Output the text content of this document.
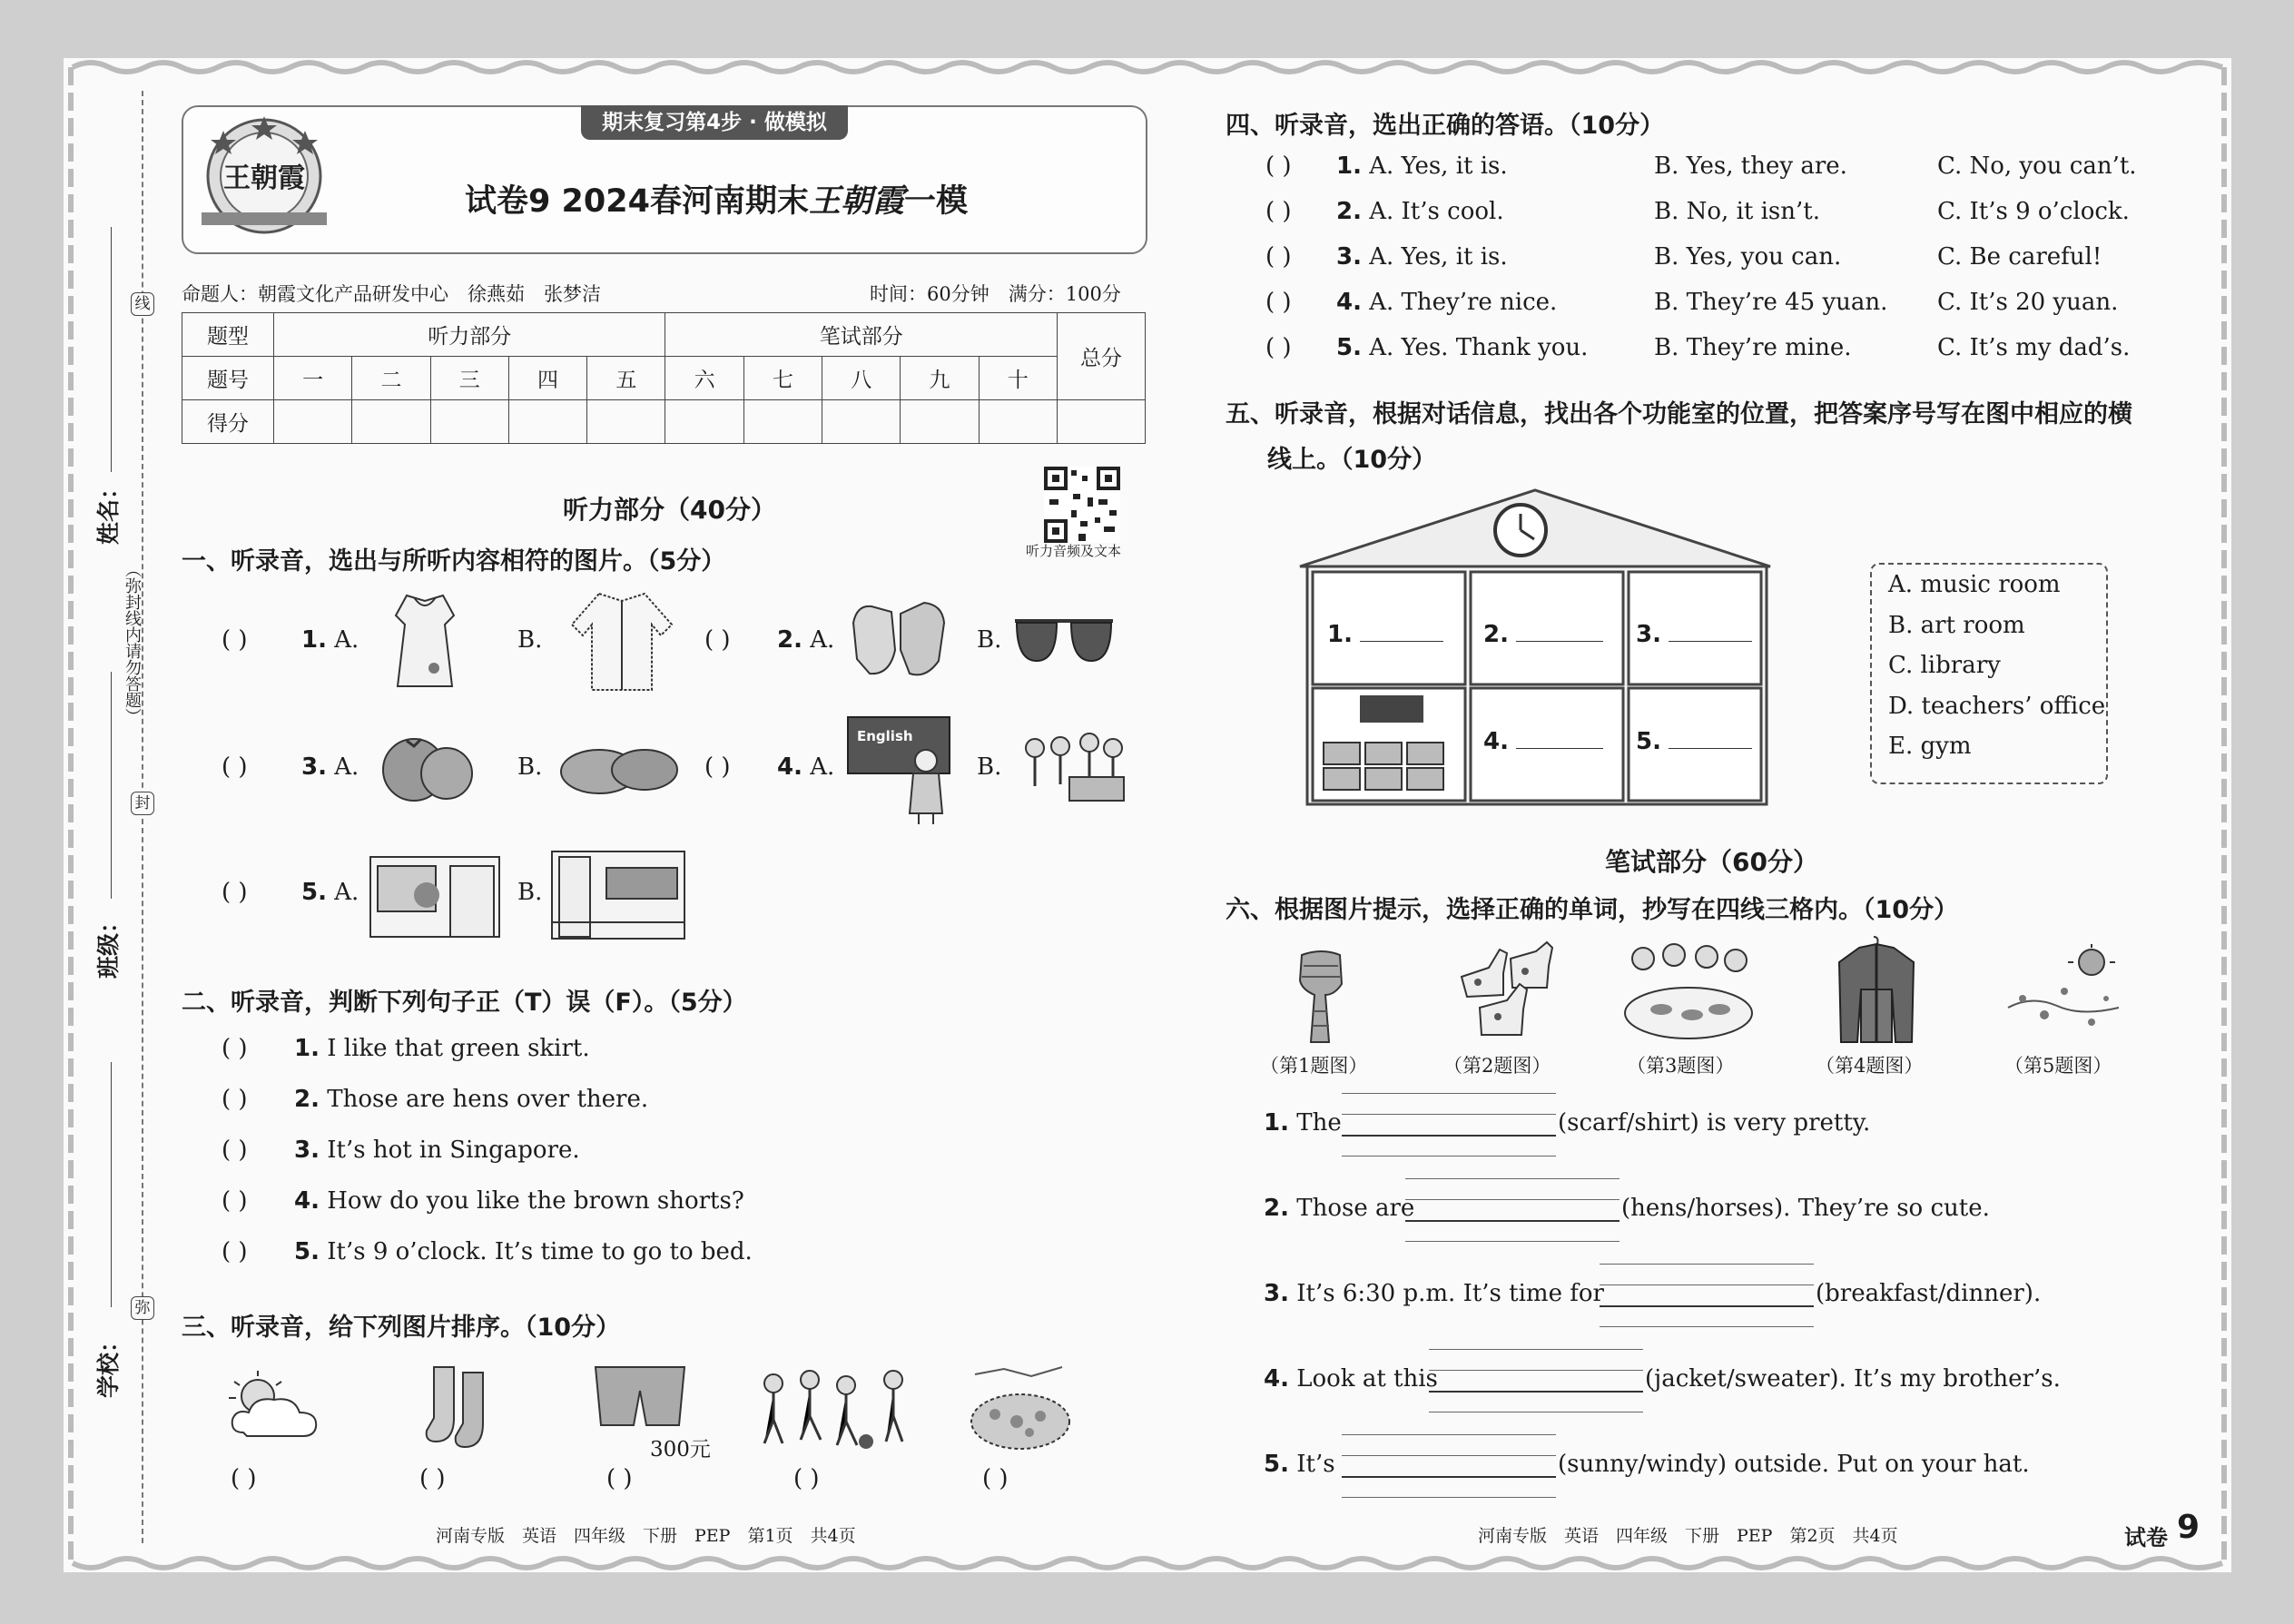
线
封
弥
（弥封线内请勿答题）
姓名：
班级：
学校：
期末复习第4步 · 做模拟
王朝霞
试卷9 2024春河南期末王朝霞一模
命题人：朝霞文化产品研发中心　徐燕茹　张梦洁	时间：60分钟　满分：100分
题型	听力部分					笔试部分					总分
题号	一	二	三	四	五	六	七	八	九	十	
得分											
听力部分（40分）
听力音频及文本
一、听录音，选出与所听内容相符的图片。（5分）
( ) 1. A.	B.	( ) 2. A.	B.
( ) 3. A.	B.	( ) 4. A.
English
B.
( ) 5. A.	B.
二、听录音，判断下列句子正（T）误（F）。（5分）
( ) 1. I like that green skirt.
( ) 2. Those are hens over there.
( ) 3. It’s hot in Singapore.
( ) 4. How do you like the brown shorts?
( ) 5. It’s 9 o’clock. It’s time to go to bed.
三、听录音，给下列图片排序。（10分）
300元
( )	( )	( )	( )	( )
河南专版　英语　四年级　下册　PEP　第1页　共4页
四、听录音，选出正确的答语。（10分）
( ) 1. A. Yes, it is.	B. Yes, they are.	C. No, you can’t.
( ) 2. A. It’s cool.	B. No, it isn’t.	C. It’s 9 o’clock.
( ) 3. A. Yes, it is.	B. Yes, you can.	C. Be careful!
( ) 4. A. They’re nice.	B. They’re 45 yuan. C. It’s 20 yuan.
( ) 5. A. Yes. Thank you.	B. They’re mine.	C. It’s my dad’s.
五、听录音，根据对话信息，找出各个功能室的位置，把答案序号写在图中相应的横
线上。（10分）
1.	2.	3.
4.	5.
A. music room
B. art room
C. library
D. teachers’ office
E. gym
笔试部分（60分）
六、根据图片提示，选择正确的单词，抄写在四线三格内。（10分）
（第1题图）	（第2题图）	（第3题图）	（第4题图）	（第5题图）
1. The	(scarf/shirt) is very pretty.
2. Those are	(hens/horses). They’re so cute.
3. It’s 6:30 p.m. It’s time for	(breakfast/dinner).
4. Look at this	(jacket/sweater). It’s my brother’s.
5. It’s	(sunny/windy) outside. Put on your hat.
河南专版　英语　四年级　下册　PEP　第2页　共4页	试卷 9
